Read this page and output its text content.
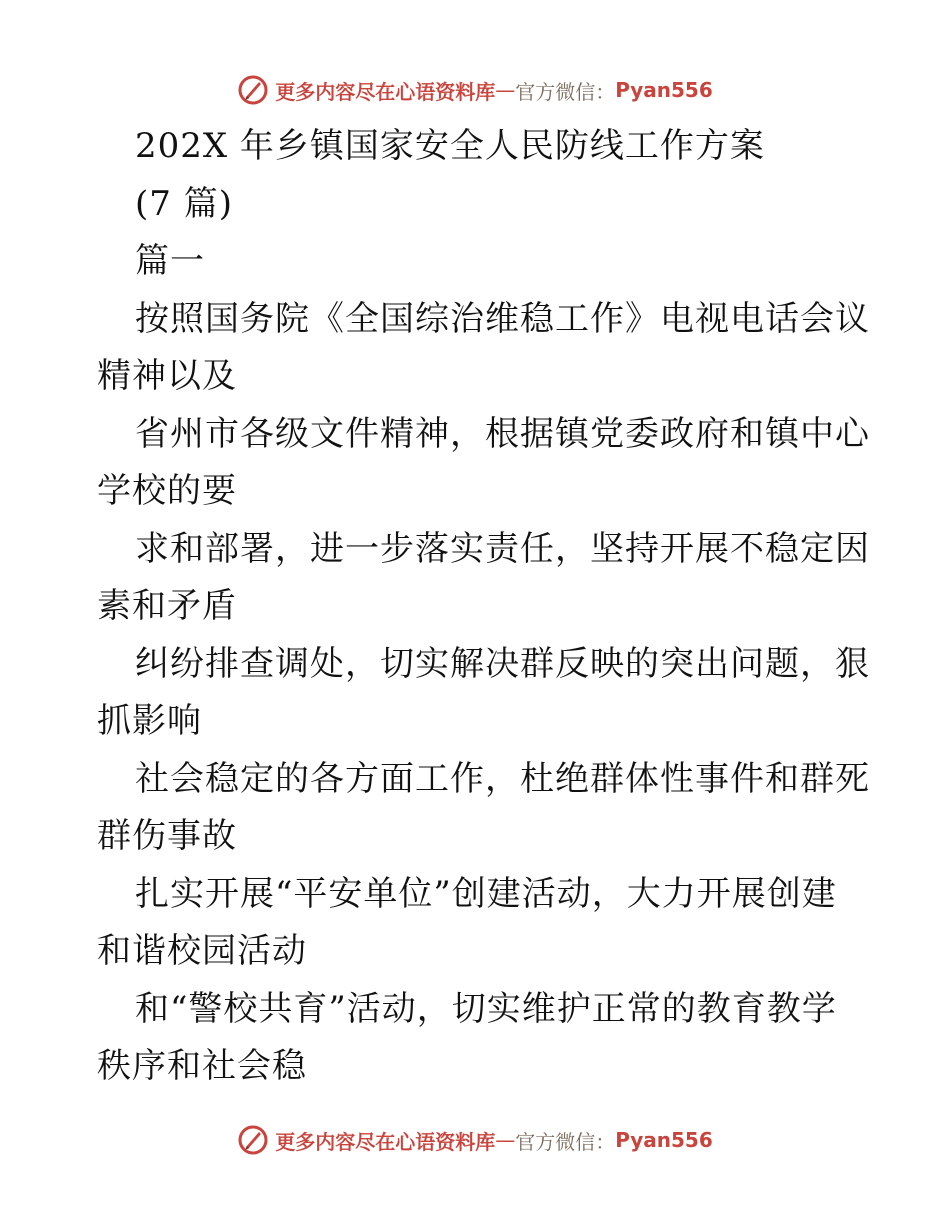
更多内容尽在心语资料库 — 官方微信： Pyan556
202X 年乡镇国家安全人民防线工作方案
(7 篇)
篇一
按照国务院《全国综治维稳工作》电视电话会议
精神以及
省州市各级文件精神，根据镇党委政府和镇中心
学校的要
求和部署，进一步落实责任，坚持开展不稳定因
素和矛盾
纠纷排查调处，切实解决群反映的突出问题，狠
抓影响
社会稳定的各方面工作，杜绝群体性事件和群死
群伤事故
扎实开展“平安单位”创建活动，大力开展创建
和谐校园活动
和“警校共育”活动，切实维护正常的教育教学
秩序和社会稳
更多内容尽在心语资料库 — 官方微信： Pyan556
